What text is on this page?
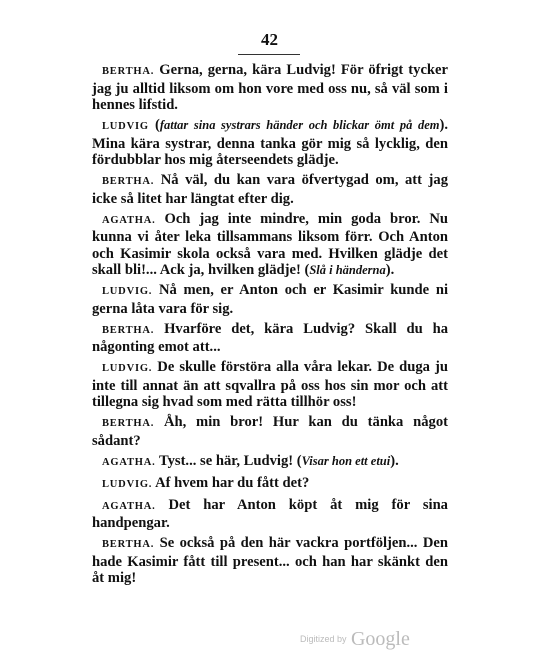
42

BERTHA. Gerna, gerna, kära Ludvig! För öfrigt tycker jag ju alltid liksom om hon vore med oss nu, så väl som i hennes lifstid.

LUDVIG (fattar sina systrars händer och blickar ömt på dem). Mina kära systrar, denna tanka gör mig så lycklig, den fördubblar hos mig återseendets glädje.

BERTHA. Nå väl, du kan vara öfvertygad om, att jag icke så litet har längtat efter dig.

AGATHA. Och jag inte mindre, min goda bror. Nu kunna vi åter leka tillsammans liksom förr. Och Anton och Kasimir skola också vara med. Hvilken glädje det skall bli!... Ack ja, hvilken glädje! (Slå i händerna).

LUDVIG. Nå men, er Anton och er Kasimir kunde ni gerna låta vara för sig.

BERTHA. Hvarföre det, kära Ludvig? Skall du ha någonting emot att...

LUDVIG. De skulle förstöra alla våra lekar. De duga ju inte till annat än att sqvallra på oss hos sin mor och att tillegna sig hvad som med rätta tillhör oss!

BERTHA. Åh, min bror! Hur kan du tänka något sådant?

AGATHA. Tyst... se här, Ludvig! (Visar hon ett etui).

LUDVIG. Af hvem har du fått det?

AGATHA. Det har Anton köpt åt mig för sina handpengar.

BERTHA. Se också på den här vackra portföljen... Den hade Kasimir fått till present... och han har skänkt den åt mig!

Digitized by Google
